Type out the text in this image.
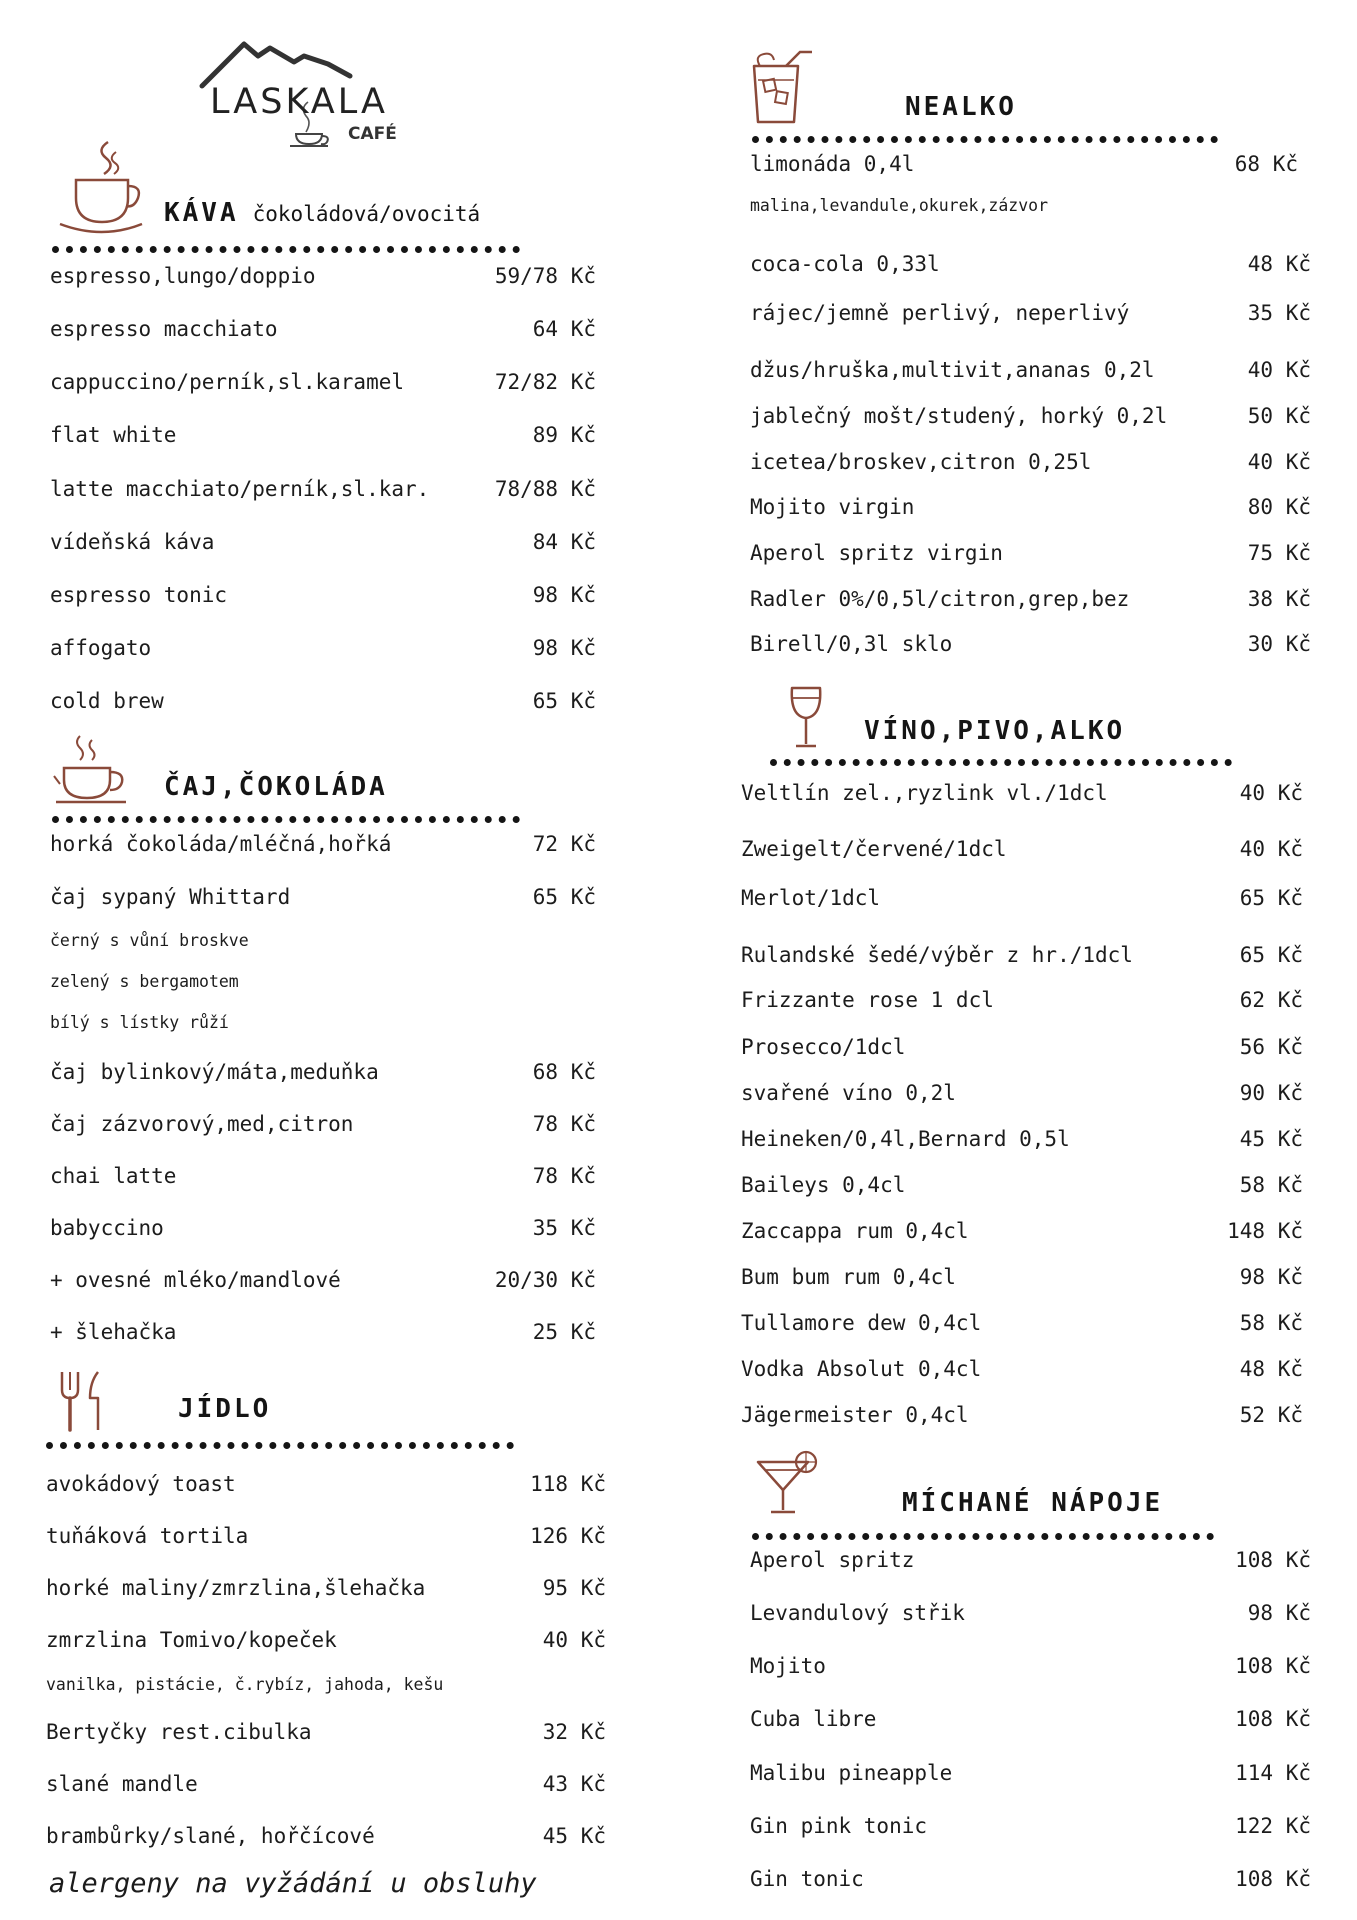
LASKALA
CAFÉ
KÁVA čokoládová/ovocitá
espresso,lungo/doppio	59/78 Kč
espresso macchiato	64 Kč
cappuccino/perník,sl.karamel	72/82 Kč
flat white	89 Kč
latte macchiato/perník,sl.kar.	78/88 Kč
vídeňská káva	84 Kč
espresso tonic	98 Kč
affogato	98 Kč
cold brew	65 Kč
ČAJ,ČOKOLÁDA
horká čokoláda/mléčná,hořká	72 Kč
čaj sypaný Whittard	65 Kč
černý s vůní broskve
zelený s bergamotem
bílý s lístky růží
čaj bylinkový/máta,meduňka	68 Kč
čaj zázvorový,med,citron	78 Kč
chai latte	78 Kč
babyccino	35 Kč
+ ovesné mléko/mandlové	20/30 Kč
+ šlehačka	25 Kč
JÍDLO
avokádový toast	118 Kč
tuňáková tortila	126 Kč
horké maliny/zmrzlina,šlehačka	95 Kč
zmrzlina Tomivo/kopeček	40 Kč
vanilka, pistácie, č.rybíz, jahoda, kešu
Bertyčky rest.cibulka	32 Kč
slané mandle	43 Kč
brambůrky/slané, hořčícové	45 Kč
alergeny na vyžádání u obsluhy
NEALKO
limonáda 0,4l	68 Kč
malina,levandule,okurek,zázvor
coca-cola 0,33l	48 Kč
rájec/jemně perlivý, neperlivý	35 Kč
džus/hruška,multivit,ananas 0,2l	40 Kč
jablečný mošt/studený, horký 0,2l	50 Kč
icetea/broskev,citron 0,25l	40 Kč
Mojito virgin	80 Kč
Aperol spritz virgin	75 Kč
Radler 0%/0,5l/citron,grep,bez	38 Kč
Birell/0,3l sklo	30 Kč
VÍNO,PIVO,ALKO
Veltlín zel.,ryzlink vl./1dcl	40 Kč
Zweigelt/červené/1dcl	40 Kč
Merlot/1dcl	65 Kč
Rulandské šedé/výběr z hr./1dcl	65 Kč
Frizzante rose 1 dcl	62 Kč
Prosecco/1dcl	56 Kč
svařené víno 0,2l	90 Kč
Heineken/0,4l,Bernard 0,5l	45 Kč
Baileys 0,4cl	58 Kč
Zaccappa rum 0,4cl	148 Kč
Bum bum rum 0,4cl	98 Kč
Tullamore dew 0,4cl	58 Kč
Vodka Absolut 0,4cl	48 Kč
Jägermeister 0,4cl	52 Kč
MÍCHANÉ NÁPOJE
Aperol spritz	108 Kč
Levandulový střik	98 Kč
Mojito	108 Kč
Cuba libre	108 Kč
Malibu pineapple	114 Kč
Gin pink tonic	122 Kč
Gin tonic	108 Kč
